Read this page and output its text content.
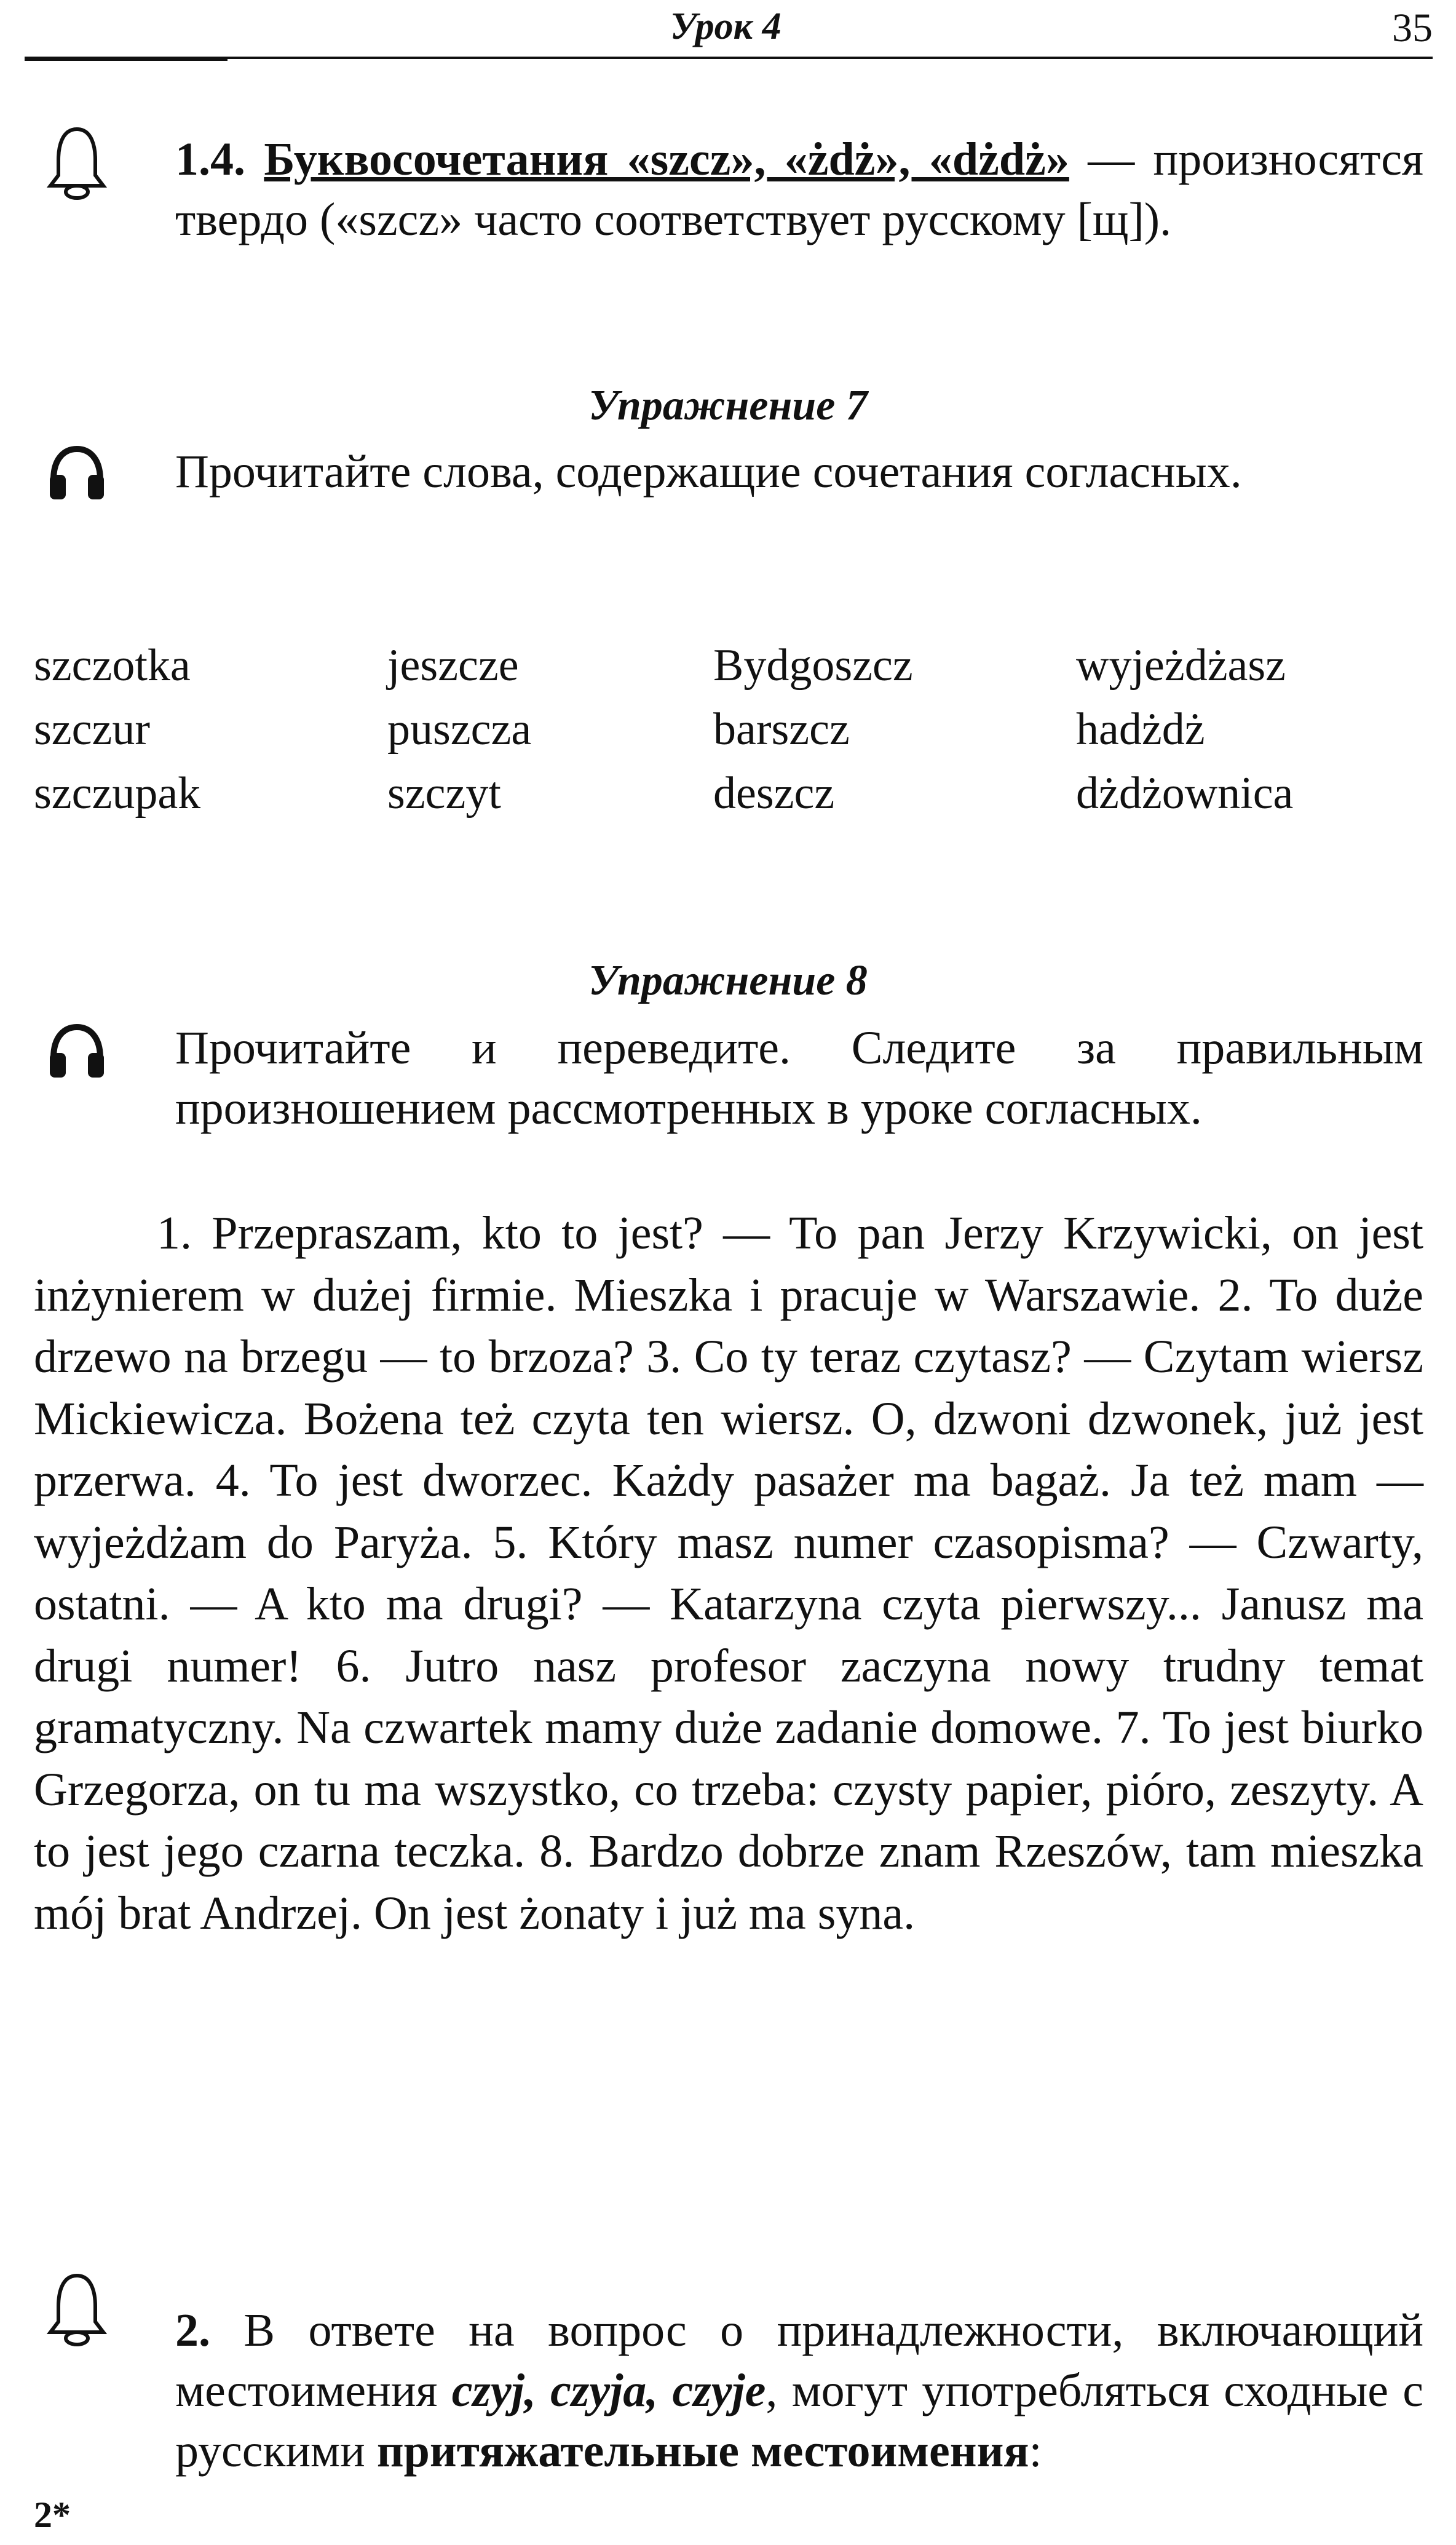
Урок 4	35
1.4. Буквосочетания «szcz», «żdż», «dżdż» — произносятся твердо («szcz» часто соответствует русскому [щ]).
Упражнение 7
Прочитайте слова, содержащие сочетания согласных.
szczotka
szczur
szczupak
jeszcze
puszcza
szczyt
Bydgoszcz
barszcz
deszcz
wyjeżdżasz
hadżdż
dżdżownica
Упражнение 8
Прочитайте и переведите. Следите за правильным произношением рассмотренных в уроке согласных.
1. Przepraszam, kto to jest? — To pan Jerzy Krzywicki, on jest inżynierem w dużej firmie. Mieszka i pracuje w Warszawie. 2. To duże drzewo na brzegu — to brzoza? 3. Co ty teraz czytasz? — Czytam wiersz Mickiewicza. Bożena też czyta ten wiersz. O, dzwoni dzwonek, już jest przerwa. 4. To jest dworzec. Każdy pasażer ma bagaż. Ja też mam — wyjeżdżam do Paryża. 5. Który masz numer czasopisma? — Czwarty, ostatni. — A kto ma drugi? — Katarzyna czyta pierwszy... Janusz ma drugi numer! 6. Jutro nasz profesor zaczyna nowy trudny temat gramatyczny. Na czwartek mamy duże zadanie domowe. 7. To jest biurko Grzegorza, on tu ma wszystko, co trzeba: czysty papier, pióro, zeszyty. A to jest jego czarna teczka. 8. Bardzo dobrze znam Rzeszów, tam mieszka mój brat Andrzej. On jest żonaty i już ma syna.
2. В ответе на вопрос о принадлежности, включающий местоимения czyj, czyja, czyje, могут употребляться сходные с русскими притяжательные местоимения:
2*
